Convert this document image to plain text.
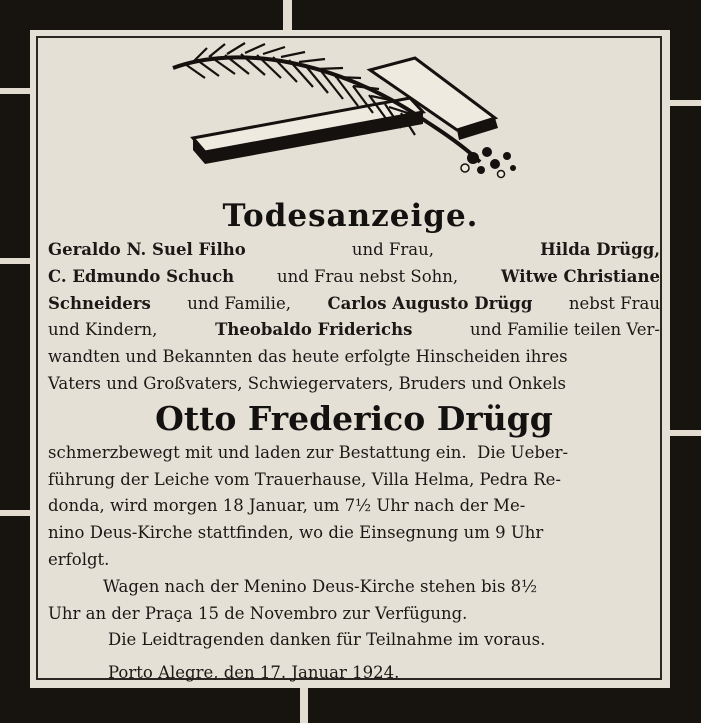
Todesanzeige.
Geraldo N. Suel Filho	und Frau,	Hilda Drügg,
C. Edmundo Schuch und Frau nebst Sohn, Witwe Christiane
Schneiders und Familie, Carlos Augusto Drügg nebst Frau
und Kindern,	Theobaldo Friderichs	und Familie teilen Ver-
wandten und Bekannten das heute erfolgte Hinscheiden ihres
Vaters und Großvaters, Schwiegervaters, Bruders und Onkels
Otto Frederico Drügg
schmerzbewegt mit und laden zur Bestattung ein.  Die Ueber-
führung der Leiche vom Trauerhause, Villa Helma, Pedra Re-
donda, wird morgen 18 Januar, um 7½ Uhr nach der Me-
nino Deus-Kirche stattfinden, wo die Einsegnung um 9 Uhr
erfolgt.
Wagen nach der Menino Deus-Kirche stehen bis 8½
Uhr an der Praça 15 de Novembro zur Verfügung.
Die Leidtragenden danken für Teilnahme im voraus.
Porto Alegre, den 17. Januar 1924.
